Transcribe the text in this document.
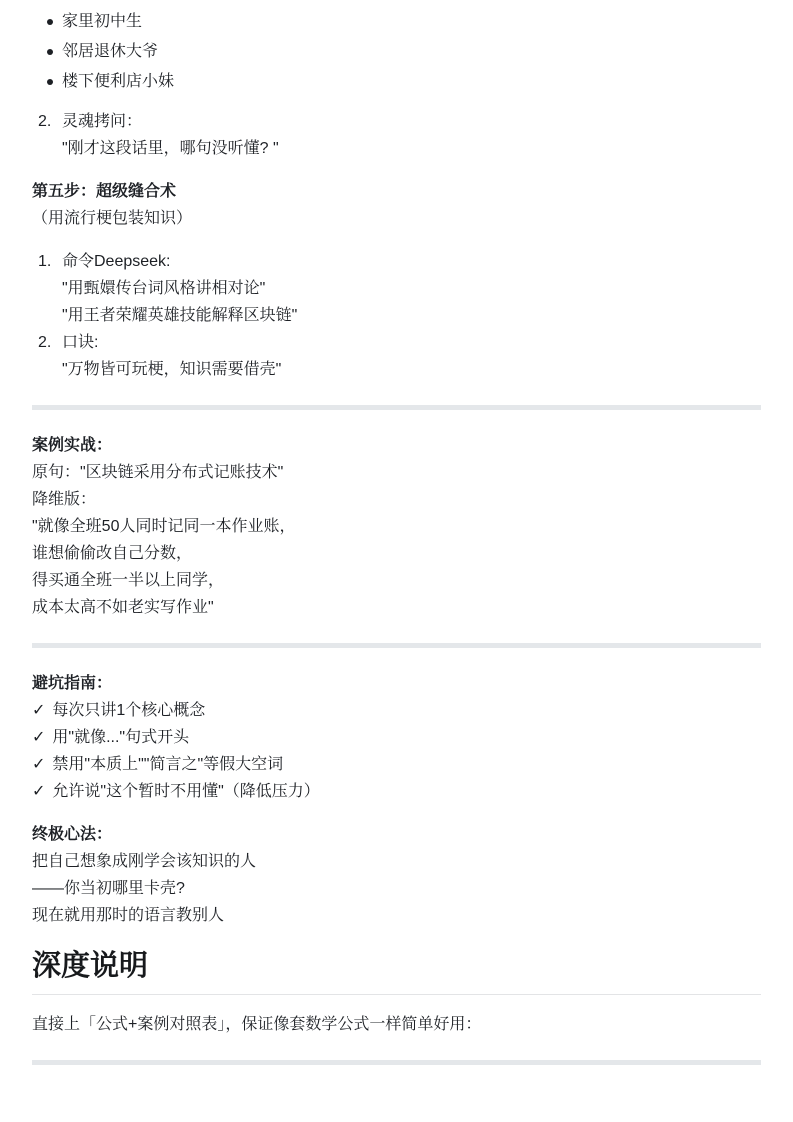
家里初中生
邻居退休大爷
楼下便利店小妹
2. 灵魂拷问：
"刚才这段话里，哪句没听懂? "
第五步：超级缝合术
（用流行梗包装知识）
1. 命令Deepseek:
"用甄嬛传台词风格讲相对论"
"用王者荣耀英雄技能解释区块链"
2. 口诀:
"万物皆可玩梗，知识需要借壳"
案例实战：
原句："区块链采用分布式记账技术"
降维版：
"就像全班50人同时记同一本作业账，
谁想偷偷改自己分数，
得买通全班一半以上同学，
成本太高不如老实写作业"
避坑指南：
✓ 每次只讲1个核心概念
✓ 用"就像..."句式开头
✓ 禁用"本质上""简言之"等假大空词
✓ 允许说"这个暂时不用懂"（降低压力）
终极心法：
把自己想象成刚学会该知识的人
——你当初哪里卡壳?
现在就用那时的语言教别人
深度说明
直接上「公式+案例对照表」，保证像套数学公式一样简单好用：
